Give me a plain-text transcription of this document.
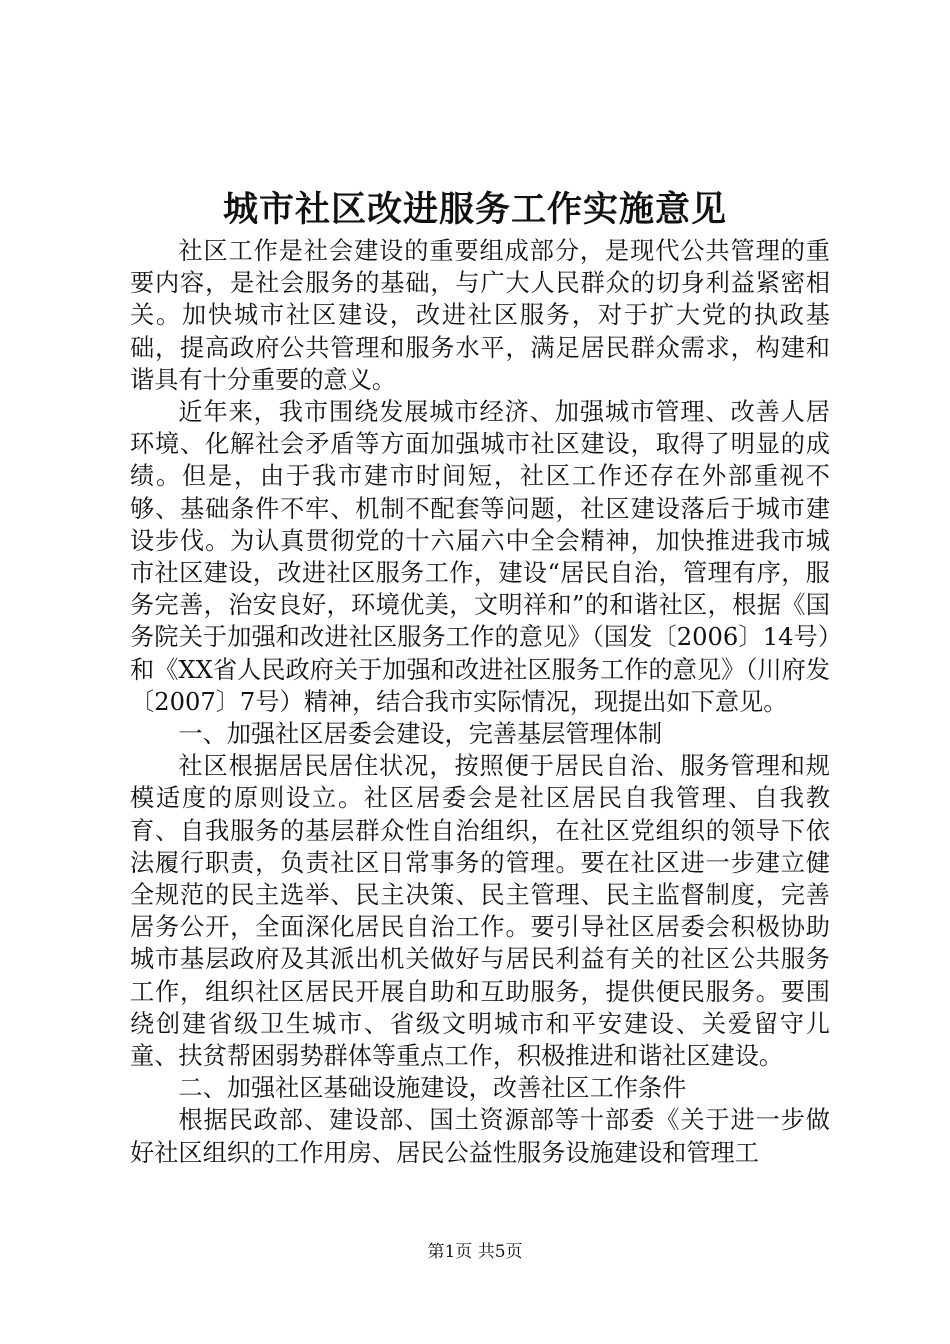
城市社区改进服务工作实施意见

社区工作是社会建设的重要组成部分，是现代公共管理的重要内容，是社会服务的基础，与广大人民群众的切身利益紧密相关。加快城市社区建设，改进社区服务，对于扩大党的执政基础，提高政府公共管理和服务水平，满足居民群众需求，构建和谐具有十分重要的意义。

近年来，我市围绕发展城市经济、加强城市管理、改善人居环境、化解社会矛盾等方面加强城市社区建设，取得了明显的成绩。但是，由于我市建市时间短，社区工作还存在外部重视不够、基础条件不牢、机制不配套等问题，社区建设落后于城市建设步伐。为认真贯彻党的十六届六中全会精神，加快推进我市城市社区建设，改进社区服务工作，建设“居民自治，管理有序，服务完善，治安良好，环境优美，文明祥和”的和谐社区，根据《国务院关于加强和改进社区服务工作的意见》（国发〔2006〕14号）和《XX省人民政府关于加强和改进社区服务工作的意见》（川府发〔2007〕7号）精神，结合我市实际情况，现提出如下意见。

一、加强社区居委会建设，完善基层管理体制

社区根据居民居住状况，按照便于居民自治、服务管理和规模适度的原则设立。社区居委会是社区居民自我管理、自我教育、自我服务的基层群众性自治组织，在社区党组织的领导下依法履行职责，负责社区日常事务的管理。要在社区进一步建立健全规范的民主选举、民主决策、民主管理、民主监督制度，完善居务公开，全面深化居民自治工作。要引导社区居委会积极协助城市基层政府及其派出机关做好与居民利益有关的社区公共服务工作，组织社区居民开展自助和互助服务，提供便民服务。要围绕创建省级卫生城市、省级文明城市和平安建设、关爱留守儿童、扶贫帮困弱势群体等重点工作，积极推进和谐社区建设。

二、加强社区基础设施建设，改善社区工作条件

根据民政部、建设部、国土资源部等十部委《关于进一步做好社区组织的工作用房、居民公益性服务设施建设和管理工

第1页 共5页
